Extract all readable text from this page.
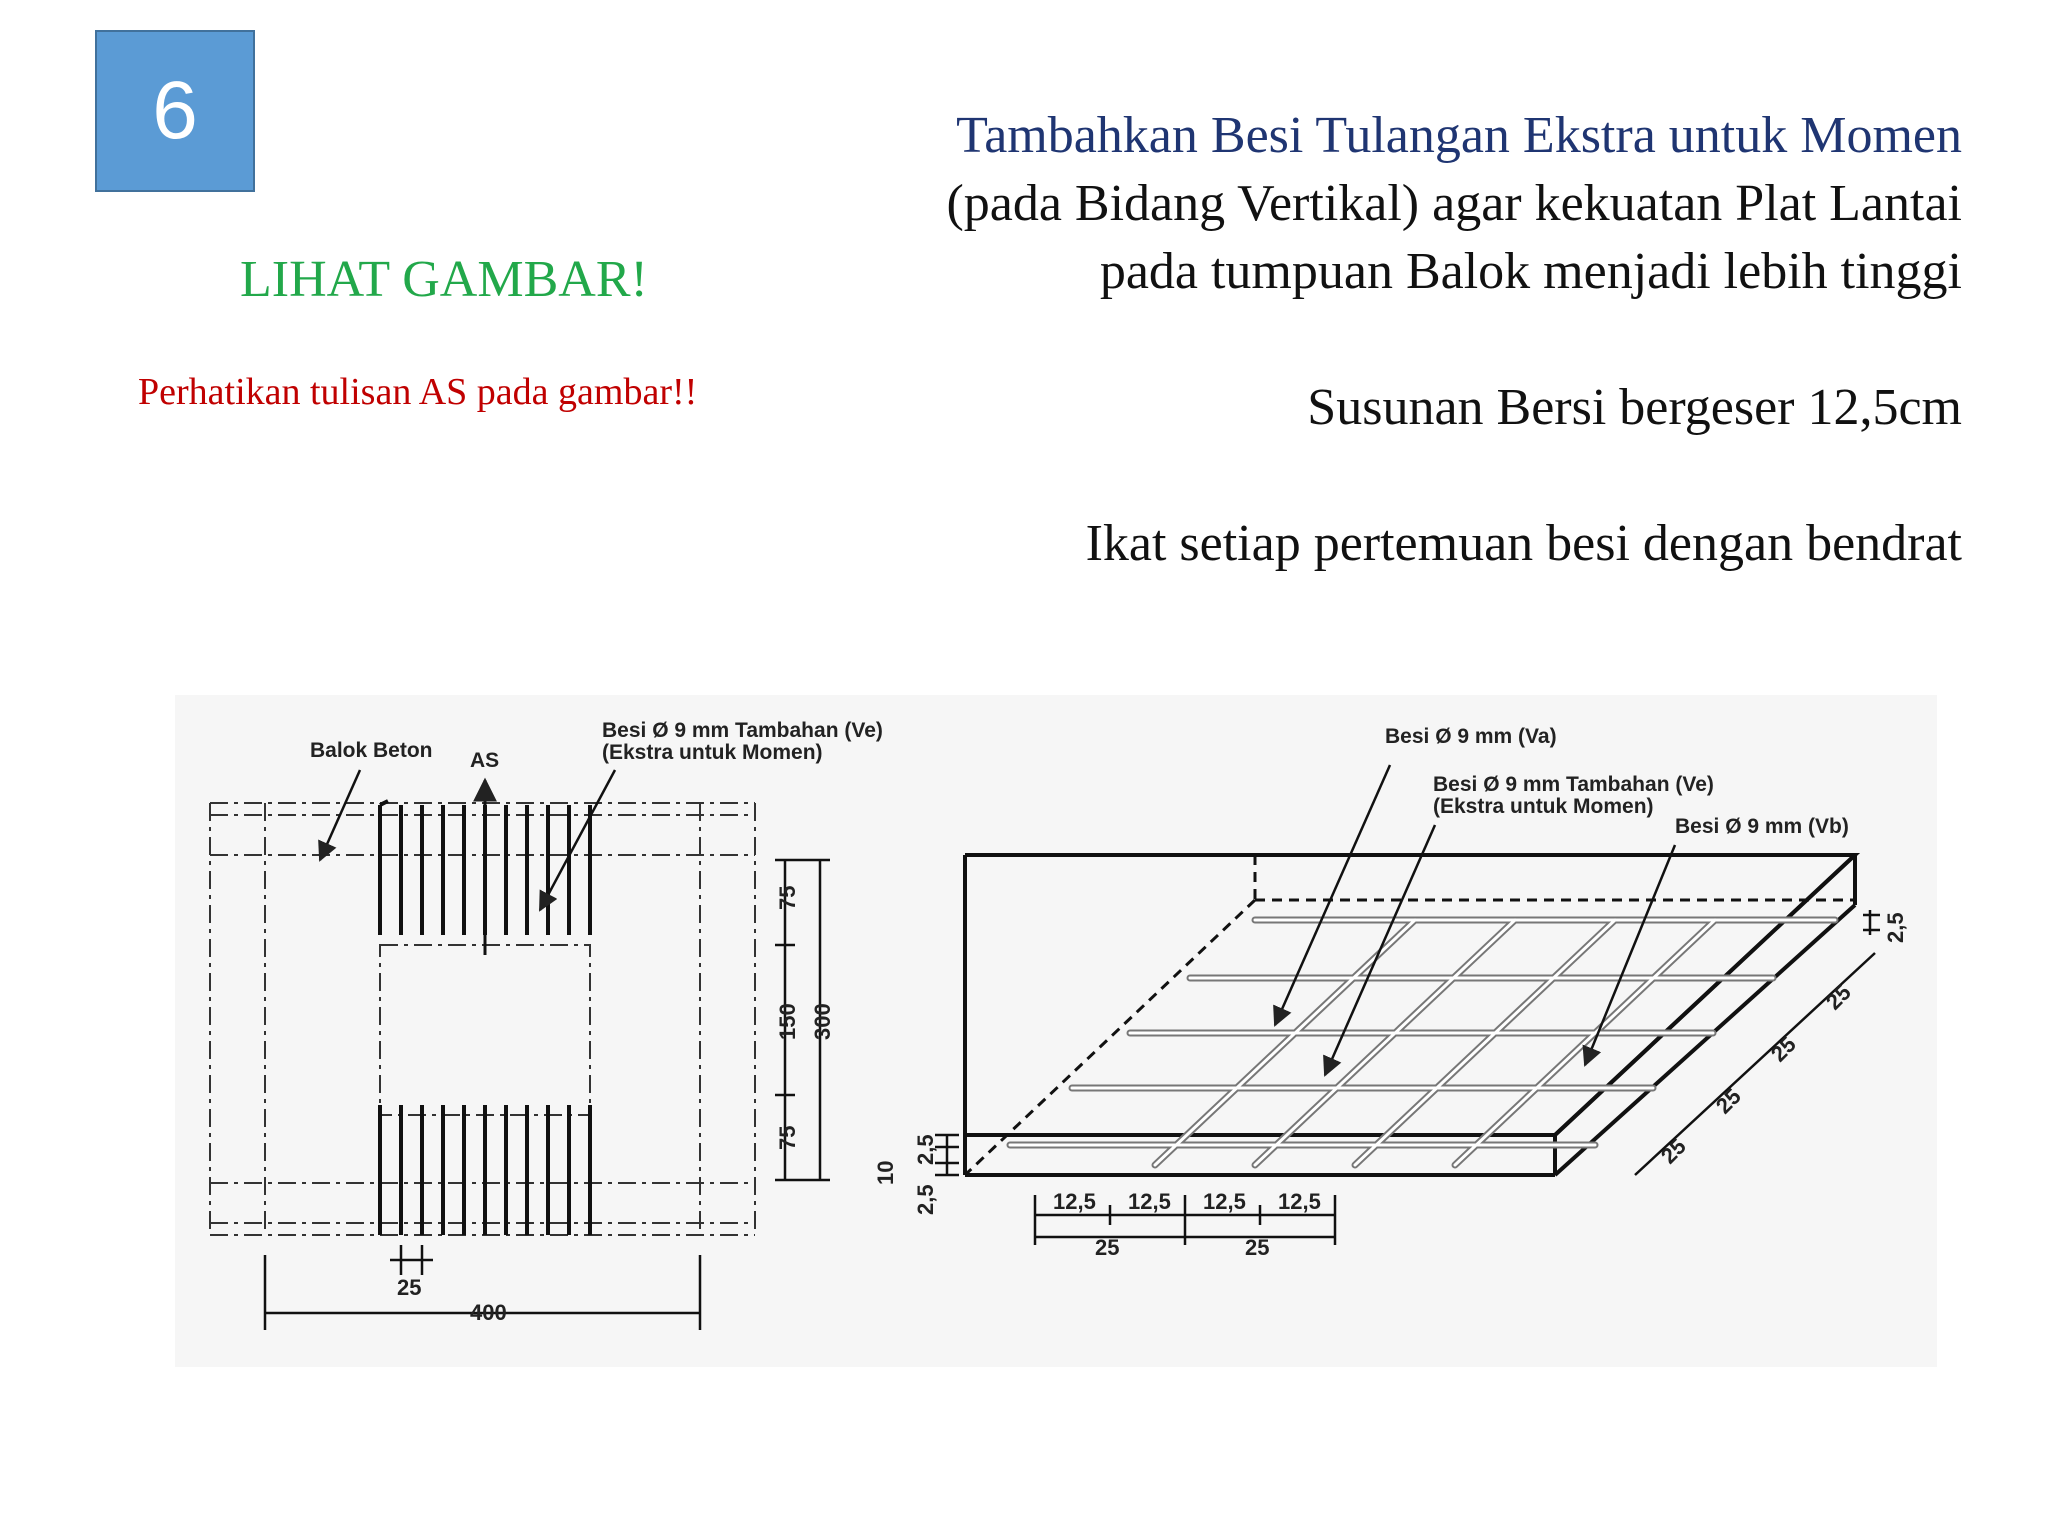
6
LIHAT GAMBAR!
Perhatikan tulisan AS pada gambar!!
Tambahkan Besi Tulangan Ekstra untuk Momen
(pada Bidang Vertikal) agar kekuatan Plat Lantai
pada tumpuan Balok menjadi lebih tinggi
Susunan Bersi bergeser 12,5cm
Ikat setiap pertemuan besi dengan bendrat
Balok Beton AS
Besi Ø 9 mm Tambahan (Ve)
(Ekstra untuk Momen)
75
150
75
300
25
400
Besi Ø 9 mm (Va)
Besi Ø 9 mm Tambahan (Ve)
(Ekstra untuk Momen)
Besi Ø 9 mm (Vb)
2,5
25
25
25
25
2,5
10
2,5	12,5 12,5 12,5 12,5
25	25
